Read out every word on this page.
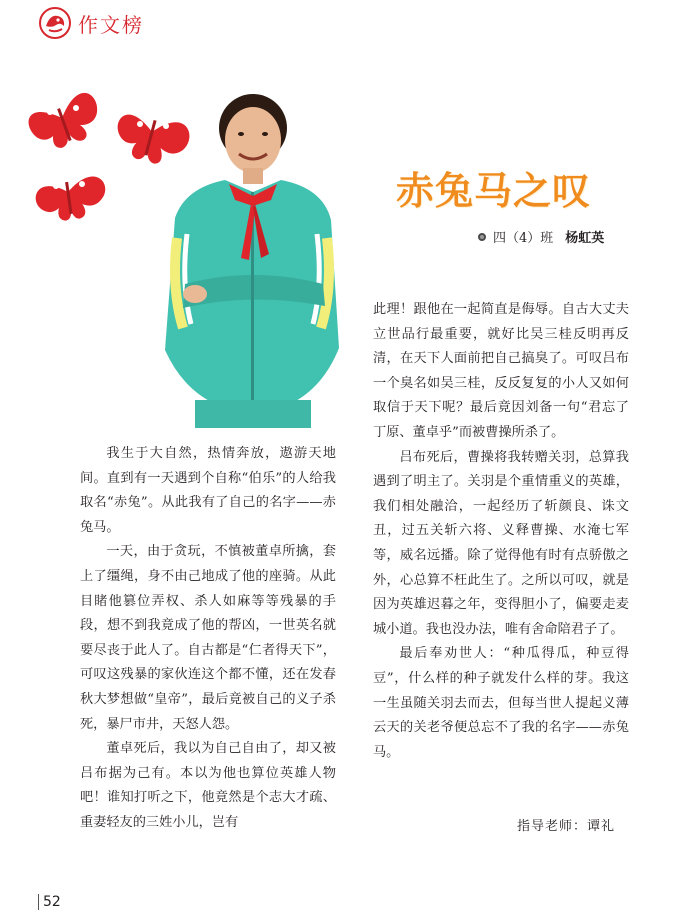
作文榜
赤兔马之叹
四（4）班 杨虹英

我生于大自然，热情奔放，遨游天地间。直到有一天遇到个自称“伯乐”的人给我取名“赤兔”。从此我有了自己的名字——赤兔马。

一天，由于贪玩，不慎被董卓所擒，套上了缰绳，身不由己地成了他的座骑。从此目睹他篡位弄权、杀人如麻等等残暴的手段，想不到我竟成了他的帮凶，一世英名就要尽丧于此人了。自古都是“仁者得天下”，可叹这残暴的家伙连这个都不懂，还在发春秋大梦想做“皇帝”，最后竟被自己的义子杀死，暴尸市井，天怒人怨。

董卓死后，我以为自己自由了，却又被吕布据为己有。本以为他也算位英雄人物吧！谁知打听之下，他竟然是个志大才疏、重妻轻友的三姓小儿，岂有

此理！跟他在一起简直是侮辱。自古大丈夫立世品行最重要，就好比吴三桂反明再反清，在天下人面前把自己搞臭了。可叹吕布一个臭名如吴三桂，反反复复的小人又如何取信于天下呢？最后竟因刘备一句“君忘了丁原、董卓乎”而被曹操所杀了。

吕布死后，曹操将我转赠关羽，总算我遇到了明主了。关羽是个重情重义的英雄，我们相处融洽，一起经历了斩颜良、诛文丑，过五关斩六将、义释曹操、水淹七军等，威名远播。除了觉得他有时有点骄傲之外，心总算不枉此生了。之所以可叹，就是因为英雄迟暮之年，变得胆小了，偏要走麦城小道。我也没办法，唯有舍命陪君子了。

最后奉劝世人：“种瓜得瓜，种豆得豆”，什么样的种子就发什么样的芽。我这一生虽随关羽去而去，但每当世人提起义薄云天的关老爷便总忘不了我的名字——赤兔马。

指导老师：谭礼
52
